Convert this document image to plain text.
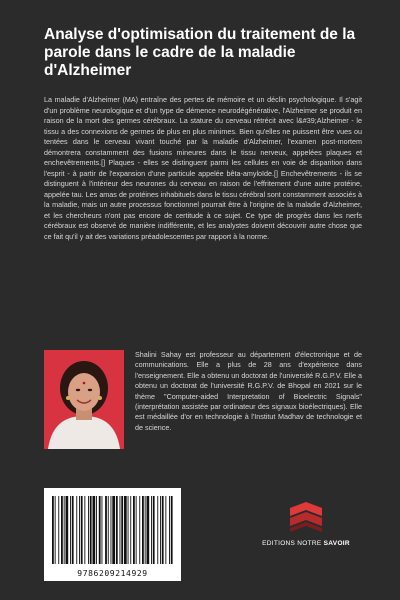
Analyse d'optimisation du traitement de la parole dans le cadre de la maladie d'Alzheimer

La maladie d'Alzheimer (MA) entraîne des pertes de mémoire et un déclin psychologique. Il s'agit d'un problème neurologique et d'un type de démence neurodégénérative, l'Alzheimer se produit en raison de la mort des germes cérébraux. La stature du cerveau rétrécit avec l&#39;Alzheimer - le tissu a des connexions de germes de plus en plus minimes. Bien qu'elles ne puissent être vues ou tentées dans le cerveau vivant touché par la maladie d'Alzheimer, l'examen post-mortem démontrera constamment des fusions mineures dans le tissu nerveux, appelées plaques et enchevêtrements.[] Plaques - elles se distinguent parmi les cellules en voie de disparition dans l'esprit - à partir de l'expansion d'une particule appelée bêta-amyloïde.[] Enchevêtrements - ils se distinguent à l'intérieur des neurones du cerveau en raison de l'effritement d'une autre protéine, appelée tau. Les amas de protéines inhabituels dans le tissu cérébral sont constamment associés à la maladie, mais un autre processus fonctionnel pourrait être à l'origine de la maladie d'Alzheimer, et les chercheurs n'ont pas encore de certitude à ce sujet. Ce type de progrès dans les nerfs cérébraux est observé de manière indifférente, et les analystes doivent découvrir autre chose que ce fait qu'il y ait des variations préadolescentes par rapport à la norme.

Shalini Sahay est professeur au département d'électronique et de communications. Elle a plus de 28 ans d'expérience dans l'enseignement. Elle a obtenu un doctorat de l'université R.G.P.V. Elle a obtenu un doctorat de l'université R.G.P.V. de Bhopal en 2021 sur le thème "Computer-aided Interpretation of Bioelectric Signals" (interprétation assistée par ordinateur des signaux bioélectriques). Elle est médaillée d'or en technologie à l'Institut Madhav de technologie et de science.

9786209214929
EDITIONS NOTRE SAVOIR
